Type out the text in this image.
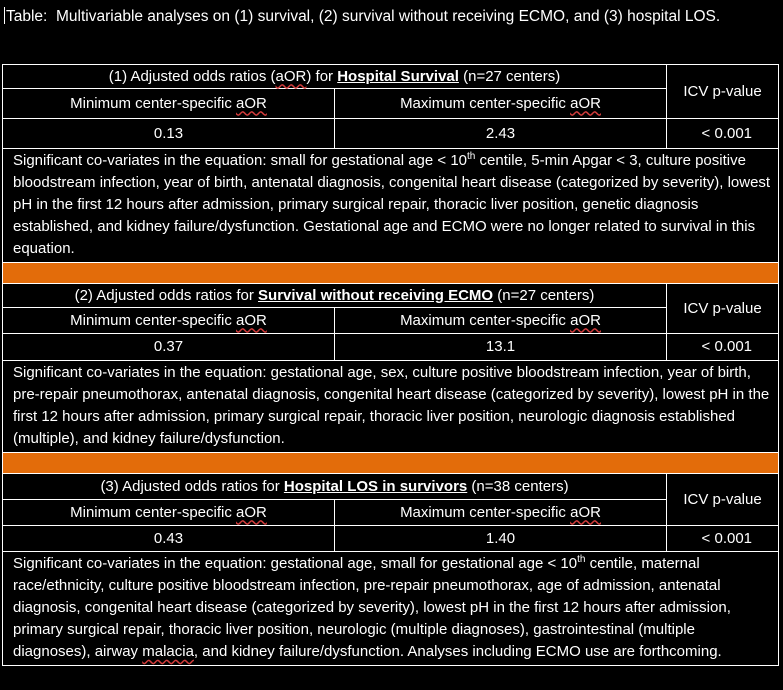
Table: Multivariable analyses on (1) survival, (2) survival without receiving ECMO, and (3) hospital LOS.
(1) Adjusted odds ratios (aOR) for Hospital Survival (n=27 centers)		ICV p-value
Minimum center-specific aOR	Maximum center-specific aOR	
0.13	2.43	< 0.001
Significant co-variates in the equation: small for gestational age < 10th centile, 5-min Apgar < 3, culture positive bloodstream infection, year of birth, antenatal diagnosis, congenital heart disease (categorized by severity), lowest pH in the first 12 hours after admission, primary surgical repair, thoracic liver position, genetic diagnosis established, and kidney failure/dysfunction. Gestational age and ECMO were no longer related to survival in this equation.		

(2) Adjusted odds ratios for Survival without receiving ECMO (n=27 centers)		ICV p-value
Minimum center-specific aOR	Maximum center-specific aOR	
0.37	13.1	< 0.001
Significant co-variates in the equation: gestational age, sex, culture positive bloodstream infection, year of birth, pre-repair pneumothorax, antenatal diagnosis, congenital heart disease (categorized by severity), lowest pH in the first 12 hours after admission, primary surgical repair, thoracic liver position, neurologic diagnosis established (multiple), and kidney failure/dysfunction.		

(3) Adjusted odds ratios for Hospital LOS in survivors (n=38 centers)		ICV p-value
Minimum center-specific aOR	Maximum center-specific aOR	
0.43	1.40	< 0.001
Significant co-variates in the equation: gestational age, small for gestational age < 10th centile, maternal race/ethnicity, culture positive bloodstream infection, pre-repair pneumothorax, age of admission, antenatal diagnosis, congenital heart disease (categorized by severity), lowest pH in the first 12 hours after admission, primary surgical repair, thoracic liver position, neurologic (multiple diagnoses), gastrointestinal (multiple diagnoses), airway malacia, and kidney failure/dysfunction. Analyses including ECMO use are forthcoming.		
